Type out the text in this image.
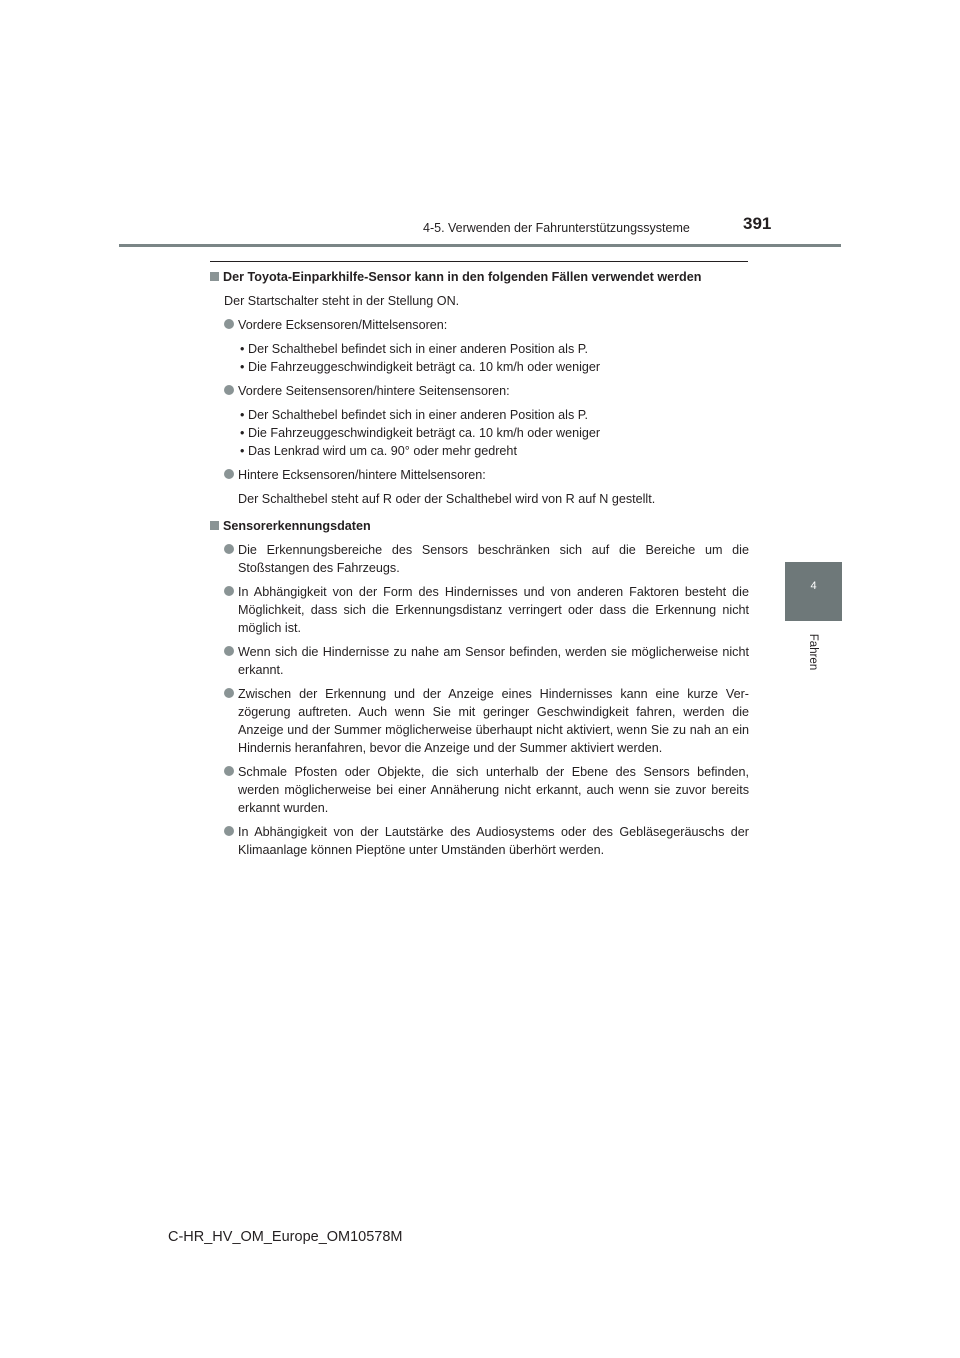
4-5. Verwenden der Fahrunterstützungssysteme	391
4
Fahren
Der Toyota-Einparkhilfe-Sensor kann in den folgenden Fällen verwendet werden
Der Startschalter steht in der Stellung ON.
Vordere Ecksensoren/Mittelsensoren:
• Der Schalthebel befindet sich in einer anderen Position als P.
• Die Fahrzeuggeschwindigkeit beträgt ca. 10 km/h oder weniger
Vordere Seitensensoren/hintere Seitensensoren:
• Der Schalthebel befindet sich in einer anderen Position als P.
• Die Fahrzeuggeschwindigkeit beträgt ca. 10 km/h oder weniger
• Das Lenkrad wird um ca. 90° oder mehr gedreht
Hintere Ecksensoren/hintere Mittelsensoren:
Der Schalthebel steht auf R oder der Schalthebel wird von R auf N gestellt.
Sensorerkennungsdaten
Die Erkennungsbereiche des Sensors beschränken sich auf die Bereiche um die Stoßstangen des Fahrzeugs.
In Abhängigkeit von der Form des Hindernisses und von anderen Faktoren besteht die Möglichkeit, dass sich die Erkennungsdistanz verringert oder dass die Erkennung nicht möglich ist.
Wenn sich die Hindernisse zu nahe am Sensor befinden, werden sie möglicherweise nicht erkannt.
Zwischen der Erkennung und der Anzeige eines Hindernisses kann eine kurze Ver-zögerung auftreten. Auch wenn Sie mit geringer Geschwindigkeit fahren, werden die Anzeige und der Summer möglicherweise überhaupt nicht aktiviert, wenn Sie zu nah an ein Hindernis heranfahren, bevor die Anzeige und der Summer aktiviert werden.
Schmale Pfosten oder Objekte, die sich unterhalb der Ebene des Sensors befinden, werden möglicherweise bei einer Annäherung nicht erkannt, auch wenn sie zuvor bereits erkannt wurden.
In Abhängigkeit von der Lautstärke des Audiosystems oder des Gebläsegeräuschs der Klimaanlage können Pieptöne unter Umständen überhört werden.
C-HR_HV_OM_Europe_OM10578M
